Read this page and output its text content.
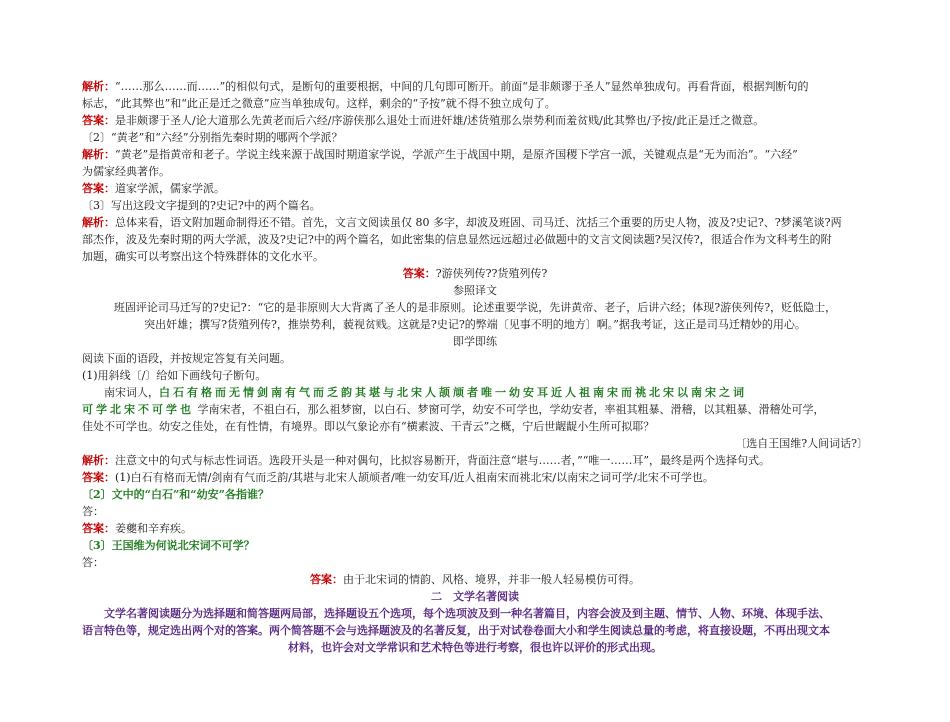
解析：“……那么……而……”的相似句式，是断句的重要根据，中间的几句即可断开。前面“是非颇谬于圣人”显然单独成句。再看背面，根据判断句的

标志，“此其弊也”和“此正是迁之微意”应当单独成句。这样，剩余的“予按”就不得不独立成句了。

答案：是非颇谬于圣人/论大道那么先黄老而后六经/序游侠那么退处士而进奸雄/述货殖那么崇势利而羞贫贱/此其弊也/予按/此正是迁之微意。

〔2〕“黄老”和“六经”分别指先秦时期的哪两个学派？

解析：“黄老”是指黄帝和老子。学说主线来源于战国时期道家学说，学派产生于战国中期，是原齐国稷下学宫一派，关键观点是“无为而治”。“六经”

为儒家经典著作。

答案：道家学派，儒家学派。

〔3〕写出这段文字提到的?史记?中的两个篇名。

解析：总体来看，语文附加题命制得还不错。首先，文言文阅读虽仅 80 多字，却波及班固、司马迁、沈括三个重要的历史人物，波及?史记?、?梦溪笔谈?两

部杰作，波及先秦时期的两大学派，波及?史记?中的两个篇名，如此密集的信息显然远远超过必做题中的文言文阅读题?吴汉传?，很适合作为文科考生的附

加题，确实可以考察出这个特殊群体的文化水平。

答案：?游侠列传??货殖列传?

参照译文

班固评论司马迁写的?史记?：“它的是非原则大大背离了圣人的是非原则。论述重要学说，先讲黄帝、老子，后讲六经；体现?游侠列传?，贬低隐士，

突出奸雄；撰写?货殖列传?，推崇势利，藐视贫贱。这就是?史记?的弊端〔见事不明的地方〕啊。”据我考证，这正是司马迁精妙的用心。

即学即练

阅读下面的语段，并按规定答复有关问题。

(1)用斜线〔/〕给如下画线句子断句。

南宋词人，白石有格而无情剑南有气而乏韵其堪与北宋人颉颃者唯一幼安耳近人祖南宋而祧北宋以南宋之词

可学北宋不可学也 学南宋者，不祖白石，那么祖梦窗，以白石、梦窗可学，幼安不可学也，学幼安者，率祖其粗暴、滑稽，以其粗暴、滑稽处可学，

佳处不可学也。幼安之佳处，在有性情，有境界。即以气象论亦有“横素波、干青云”之概，宁后世龌龊小生所可拟耶？

〔选自王国维?人间词话?〕

解析：注意文中的句式与标志性词语。选段开头是一种对偶句，比拟容易断开，背面注意“堪与……者，”“唯一……耳”，最终是两个选择句式。

答案：(1)白石有格而无情/剑南有气而乏韵/其堪与北宋人颉颃者/唯一幼安耳/近人祖南宋而祧北宋/以南宋之词可学/北宋不可学也。

〔2〕文中的“白石”和“幼安”各指谁？

答：

答案：姜夔和辛弃疾。

〔3〕王国维为何说北宋词不可学？

答：

答案：由于北宋词的情韵、风格、境界，并非一般人轻易模仿可得。

二　文学名著阅读

文学名著阅读题分为选择题和简答题两局部，选择题设五个选项，每个选项波及到一种名著篇目，内容会波及到主题、情节、人物、环境、体现手法、

语言特色等，规定选出两个对的答案。两个简答题不会与选择题波及的名著反复，出于对试卷卷面大小和学生阅读总量的考虑，将直接设题，不再出现文本

材料，也许会对文学常识和艺术特色等进行考察，很也许以评价的形式出现。
